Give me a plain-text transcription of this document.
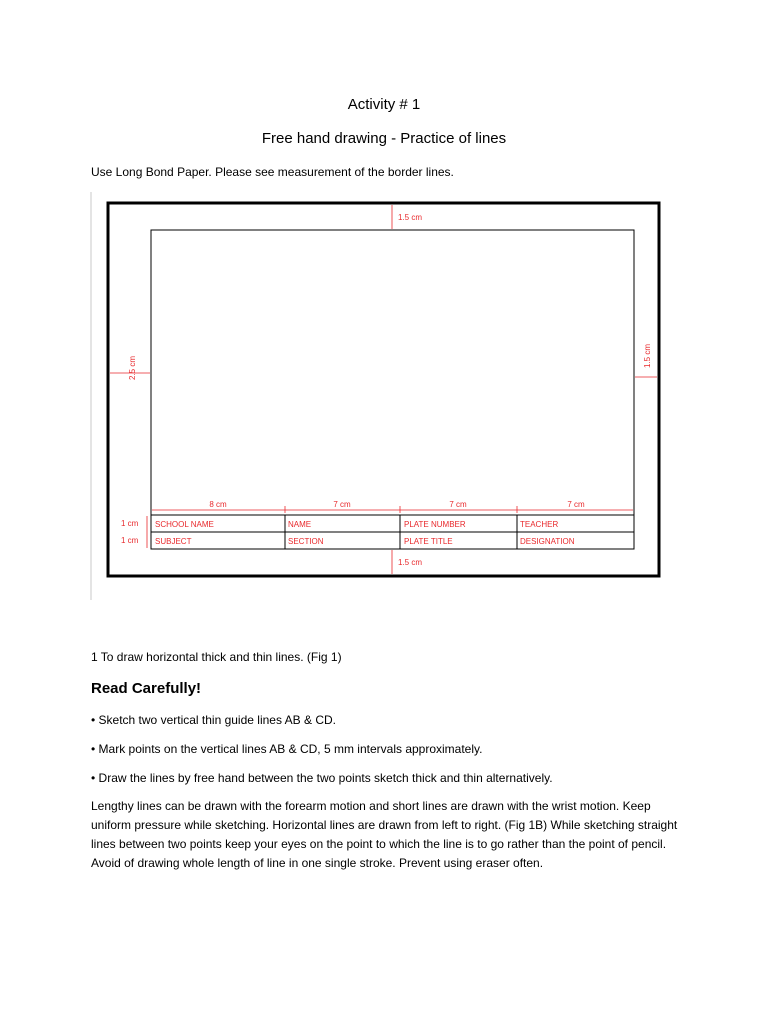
Activity # 1
Free hand drawing - Practice of lines
Use Long Bond Paper. Please see measurement of the border lines.
1.5 cm
2.5 cm	1.5 cm
1.5 cm
8 cm	7 cm	7 cm	7 cm
1 cm
1 cm
SCHOOL NAME	NAME	PLATE NUMBER	TEACHER
SUBJECT	SECTION	PLATE TITLE	DESIGNATION
1 To draw horizontal thick and thin lines. (Fig 1)
Read Carefully!
• Sketch two vertical thin guide lines AB & CD.
• Mark points on the vertical lines AB & CD, 5 mm intervals approximately.
• Draw the lines by free hand between the two points sketch thick and thin alternatively.
Lengthy lines can be drawn with the forearm motion and short lines are drawn with the wrist motion. Keep uniform pressure while sketching. Horizontal lines are drawn from left to right. (Fig 1B) While sketching straight lines between two points keep your eyes on the point to which the line is to go rather than the point of pencil. Avoid of drawing whole length of line in one single stroke. Prevent using eraser often.
